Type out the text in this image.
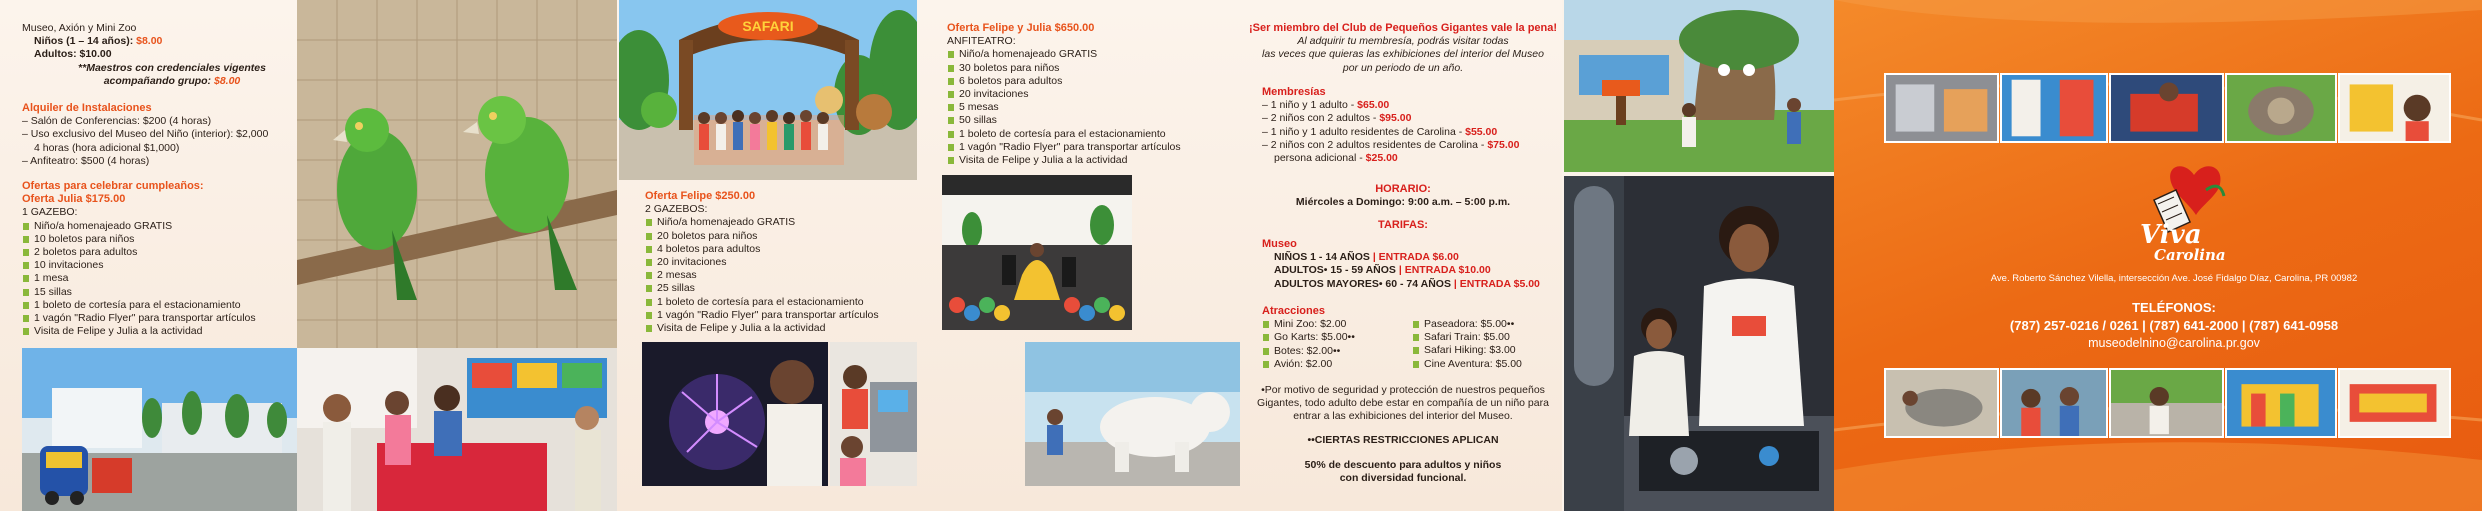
Museo, Axión y Mini Zoo
Niños (1 – 14 años): $8.00
Adultos: $10.00
**Maestros con credenciales vigentes
acompañando grupo: $8.00
Alquiler de Instalaciones
– Salón de Conferencias: $200 (4 horas)
– Uso exclusivo del Museo del Niño (interior): $2,000
4 horas (hora adicional $1,000)
– Anfiteatro: $500 (4 horas)
Ofertas para celebrar cumpleaños:
Oferta Julia $175.00
1 GAZEBO:
Niño/a homenajeado GRATIS
10 boletos para niños
2 boletos para adultos
10 invitaciones
1 mesa
15 sillas
1 boleto de cortesía para el estacionamiento
1 vagón "Radio Flyer" para transportar artículos
Visita de Felipe y Julia a la actividad
SAFARI
Oferta Felipe $250.00
2 GAZEBOS:
Niño/a homenajeado GRATIS
20 boletos para niños
4 boletos para adultos
20 invitaciones
2 mesas
25 sillas
1 boleto de cortesía para el estacionamiento
1 vagón "Radio Flyer" para transportar artículos
Visita de Felipe y Julia a la actividad
Oferta Felipe y Julia $650.00
ANFITEATRO:
Niño/a homenajeado GRATIS
30 boletos para niños
6 boletos para adultos
20 invitaciones
5 mesas
50 sillas
1 boleto de cortesía para el estacionamiento
1 vagón "Radio Flyer" para transportar artículos
Visita de Felipe y Julia a la actividad
¡Ser miembro del Club de Pequeños Gigantes vale la pena!
Al adquirir tu membresía, podrás visitar todas
las veces que quieras las exhibiciones del interior del Museo
por un periodo de un año.
Membresías
– 1 niño y 1 adulto - $65.00
– 2 niños con 2 adultos - $95.00
– 1 niño y 1 adulto residentes de Carolina - $55.00
– 2 niños con 2 adultos residentes de Carolina - $75.00
persona adicional - $25.00
HORARIO:
Miércoles a Domingo: 9:00 a.m. – 5:00 p.m.
TARIFAS:
Museo
NIÑOS 1 - 14 AÑOS | ENTRADA $6.00
ADULTOS• 15 - 59 AÑOS | ENTRADA $10.00
ADULTOS MAYORES• 60 - 74 AÑOS | ENTRADA $5.00
Atracciones
Mini Zoo: $2.00
Go Karts: $5.00••
Botes: $2.00••
Avión: $2.00
Paseadora: $5.00••
Safari Train: $5.00
Safari Hiking: $3.00
Cine Aventura: $5.00
•Por motivo de seguridad y protección de nuestros pequeños
Gigantes, todo adulto debe estar en compañía de un niño para
entrar a las exhibiciones del interior del Museo.
••CIERTAS RESTRICCIONES APLICAN
50% de descuento para adultos y niños
con diversidad funcional.
Viva
Carolina
Ave. Roberto Sánchez Vilella, intersección Ave. José Fidalgo Díaz, Carolina, PR 00982
TELÉFONOS:
(787) 257-0216 / 0261 | (787) 641-2000 | (787) 641-0958
museodelnino@carolina.pr.gov
